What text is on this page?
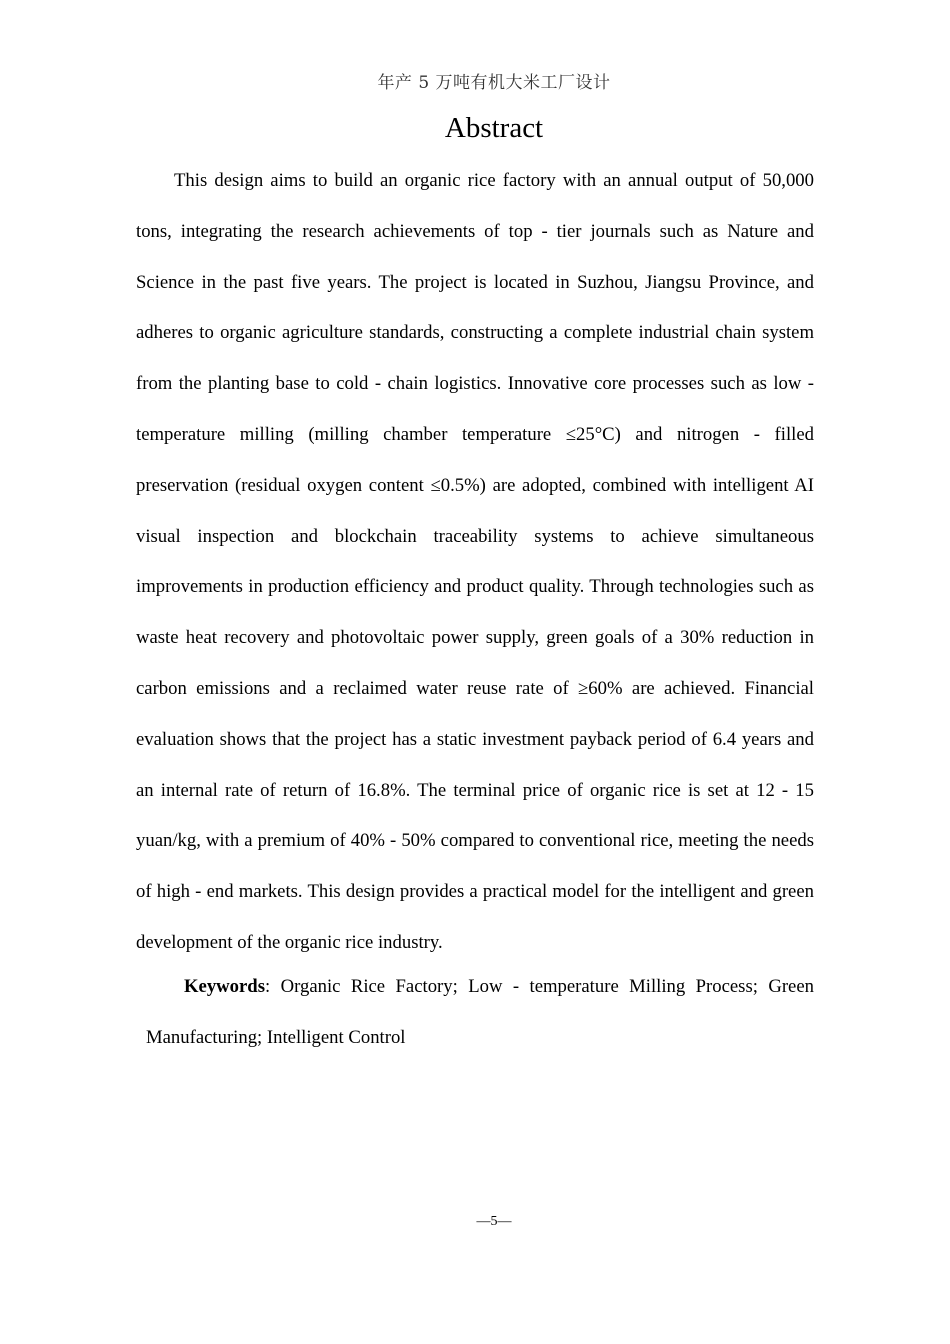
年产 5 万吨有机大米工厂设计
Abstract

This design aims to build an organic rice factory with an annual output of 50,000 tons, integrating the research achievements of top - tier journals such as Nature and Science in the past five years. The project is located in Suzhou, Jiangsu Province, and adheres to organic agriculture standards, constructing a complete industrial chain system from the planting base to cold - chain logistics. Innovative core processes such as low - temperature milling (milling chamber temperature ≤25°C) and nitrogen - filled preservation (residual oxygen content ≤0.5%) are adopted, combined with intelligent AI visual inspection and blockchain traceability systems to achieve simultaneous improvements in production efficiency and product quality. Through technologies such as waste heat recovery and photovoltaic power supply, green goals of a 30% reduction in carbon emissions and a reclaimed water reuse rate of ≥60% are achieved. Financial evaluation shows that the project has a static investment payback period of 6.4 years and an internal rate of return of 16.8%. The terminal price of organic rice is set at 12 - 15 yuan/kg, with a premium of 40% - 50% compared to conventional rice, meeting the needs of high - end markets. This design provides a practical model for the intelligent and green development of the organic rice industry.

Keywords: Organic Rice Factory; Low - temperature Milling Process; Green Manufacturing; Intelligent Control

—5—
